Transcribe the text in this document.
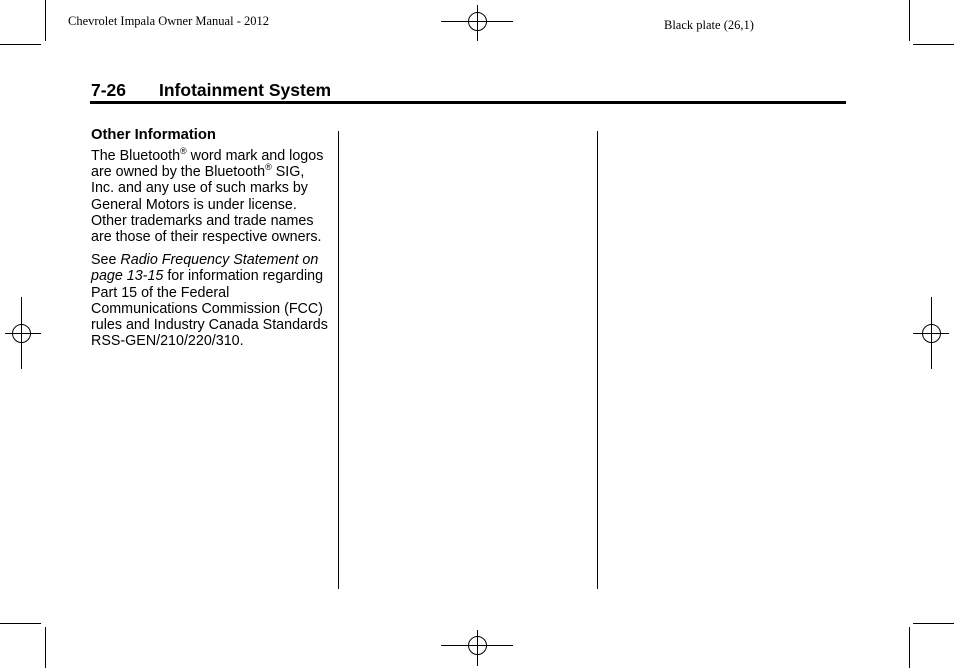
Chevrolet Impala Owner Manual - 2012	Black plate (26,1)
7-26 Infotainment System
Other Information

The Bluetooth® word mark and logos are owned by the Bluetooth® SIG, Inc. and any use of such marks by General Motors is under license. Other trademarks and trade names are those of their respective owners.

See Radio Frequency Statement on page 13-15 for information regarding Part 15 of the Federal Communications Commission (FCC) rules and Industry Canada Standards RSS-GEN/210/220/310.
